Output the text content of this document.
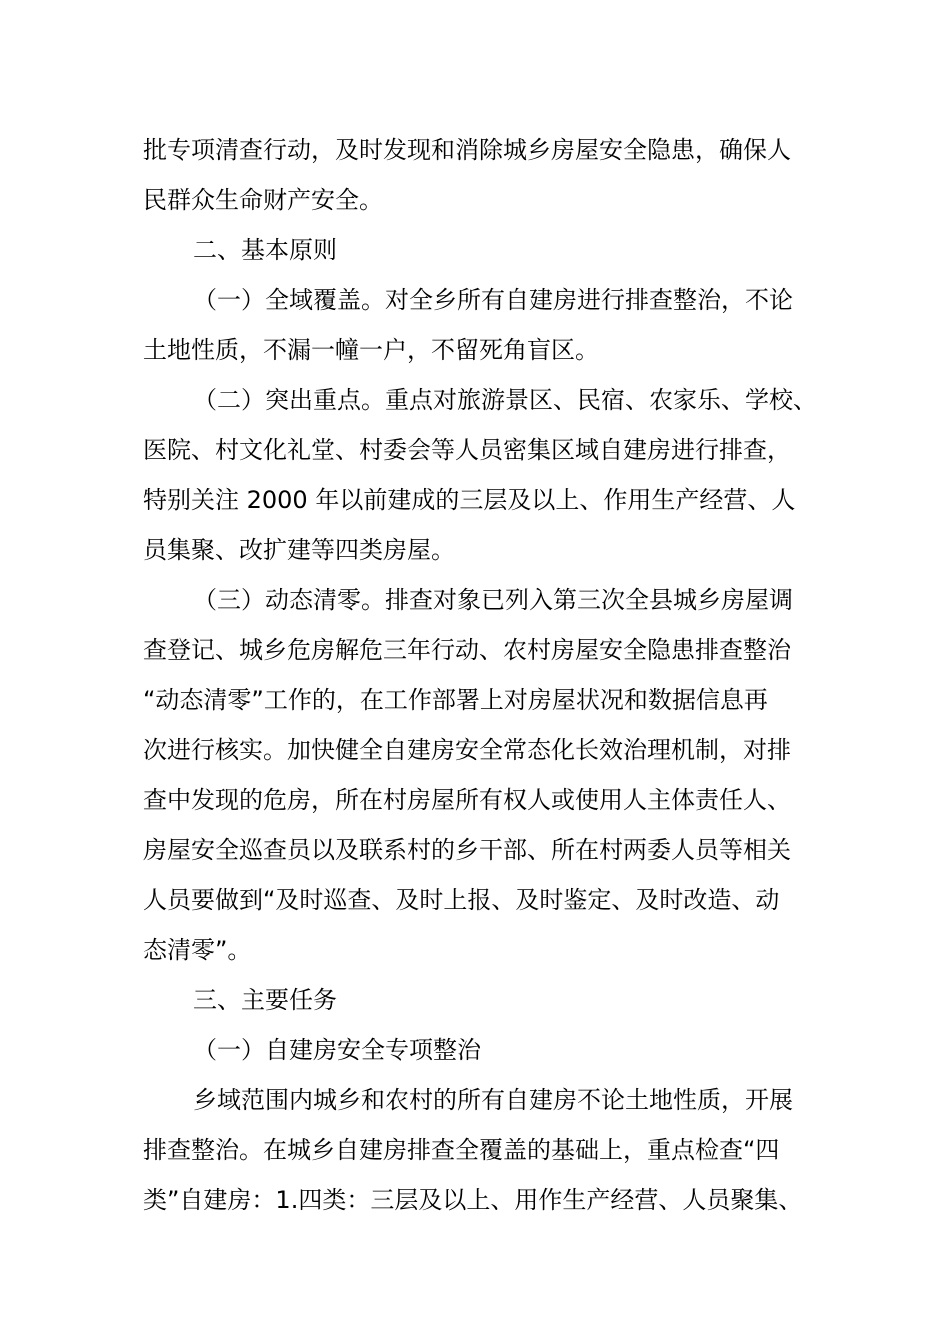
批专项清查行动，及时发现和消除城乡房屋安全隐患，确保人
民群众生命财产安全。
二、基本原则
（一）全域覆盖。对全乡所有自建房进行排查整治，不论
土地性质，不漏一幢一户，不留死角盲区。
（二）突出重点。重点对旅游景区、民宿、农家乐、学校、
医院、村文化礼堂、村委会等人员密集区域自建房进行排查，
特别关注 2000 年以前建成的三层及以上、作用生产经营、人
员集聚、改扩建等四类房屋。
（三）动态清零。排查对象已列入第三次全县城乡房屋调
查登记、城乡危房解危三年行动、农村房屋安全隐患排查整治
“动态清零”工作的，在工作部署上对房屋状况和数据信息再
次进行核实。加快健全自建房安全常态化长效治理机制，对排
查中发现的危房，所在村房屋所有权人或使用人主体责任人、
房屋安全巡查员以及联系村的乡干部、所在村两委人员等相关
人员要做到“及时巡查、及时上报、及时鉴定、及时改造、动
态清零”。
三、主要任务
（一）自建房安全专项整治
乡域范围内城乡和农村的所有自建房不论土地性质，开展
排查整治。在城乡自建房排查全覆盖的基础上，重点检查“四
类”自建房：1.四类：三层及以上、用作生产经营、人员聚集、
